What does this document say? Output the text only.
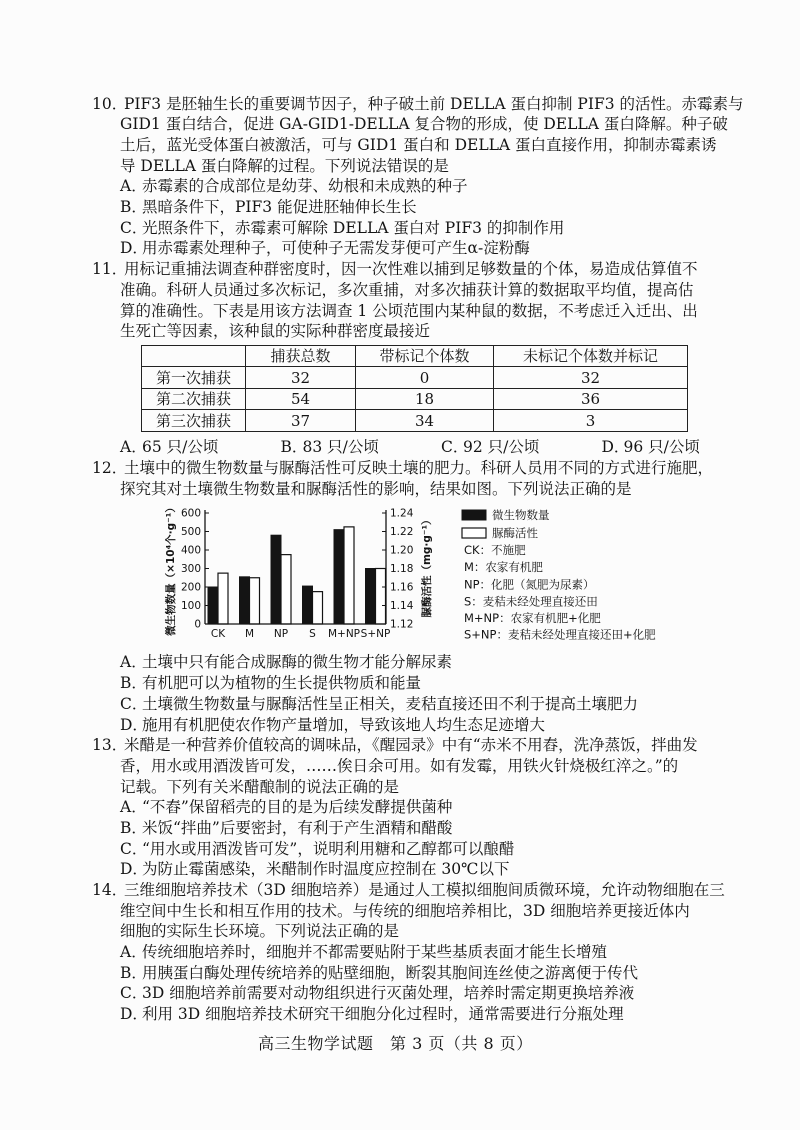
10．PIF3 是胚轴生长的重要调节因子，种子破土前 DELLA 蛋白抑制 PIF3 的活性。赤霉素与
GID1 蛋白结合，促进 GA-GID1-DELLA 复合物的形成，使 DELLA 蛋白降解。种子破
土后，蓝光受体蛋白被激活，可与 GID1 蛋白和 DELLA 蛋白直接作用，抑制赤霉素诱
导 DELLA 蛋白降解的过程。下列说法错误的是
A．赤霉素的合成部位是幼芽、幼根和未成熟的种子
B．黑暗条件下，PIF3 能促进胚轴伸长生长
C．光照条件下，赤霉素可解除 DELLA 蛋白对 PIF3 的抑制作用
D．用赤霉素处理种子，可使种子无需发芽便可产生α-淀粉酶
11．用标记重捕法调查种群密度时，因一次性难以捕到足够数量的个体，易造成估算值不
准确。科研人员通过多次标记，多次重捕，对多次捕获计算的数据取平均值，提高估
算的准确性。下表是用该方法调查 1 公顷范围内某种鼠的数据，不考虑迁入迁出、出
生死亡等因素，该种鼠的实际种群密度最接近
	捕获总数	带标记个体数	未标记个体数并标记
第一次捕获	32	0	32
第二次捕获	54	18	36
第三次捕获	37	34	3
A．65 只/公顷	B．83 只/公顷	C．92 只/公顷	D．96 只/公顷
12．土壤中的微生物数量与脲酶活性可反映土壤的肥力。科研人员用不同的方式进行施肥，
探究其对土壤微生物数量和脲酶活性的影响，结果如图。下列说法正确的是
微生物数量（×10⁴个·g⁻¹）	脲酶活性（mg·g⁻¹）	微生物数量
脲酶活性
CK：不施肥
M：农家有机肥
NP：化肥（氮肥为尿素）
S：麦秸未经处理直接还田
M+NP：农家有机肥+化肥
S+NP：麦秸未经处理直接还田+化肥
CK M NP S M+NP S+NP
0
100
200
300
400
500
600
1.12
1.14
1.16
1.18
1.20
1.22
1.24
A．土壤中只有能合成脲酶的微生物才能分解尿素
B．有机肥可以为植物的生长提供物质和能量
C．土壤微生物数量与脲酶活性呈正相关，麦秸直接还田不利于提高土壤肥力
D．施用有机肥使农作物产量增加，导致该地人均生态足迹增大
13．米醋是一种营养价值较高的调味品，《醒园录》中有“赤米不用舂，洗净蒸饭，拌曲发
香，用水或用酒泼皆可发，……俟日余可用。如有发霉，用铁火针烧极红淬之。”的
记载。下列有关米醋酿制的说法正确的是
A．“不舂”保留稻壳的目的是为后续发酵提供菌种
B．米饭“拌曲”后要密封，有利于产生酒精和醋酸
C．“用水或用酒泼皆可发”，说明利用糖和乙醇都可以酿醋
D．为防止霉菌感染，米醋制作时温度应控制在 30℃以下
14．三维细胞培养技术（3D 细胞培养）是通过人工模拟细胞间质微环境，允许动物细胞在三
维空间中生长和相互作用的技术。与传统的细胞培养相比，3D 细胞培养更接近体内
细胞的实际生长环境。下列说法正确的是
A．传统细胞培养时，细胞并不都需要贴附于某些基质表面才能生长增殖
B．用胰蛋白酶处理传统培养的贴壁细胞，断裂其胞间连丝使之游离便于传代
C．3D 细胞培养前需要对动物组织进行灭菌处理，培养时需定期更换培养液
D．利用 3D 细胞培养技术研究干细胞分化过程时，通常需要进行分瓶处理
高三生物学试题　第 3 页（共 8 页）
